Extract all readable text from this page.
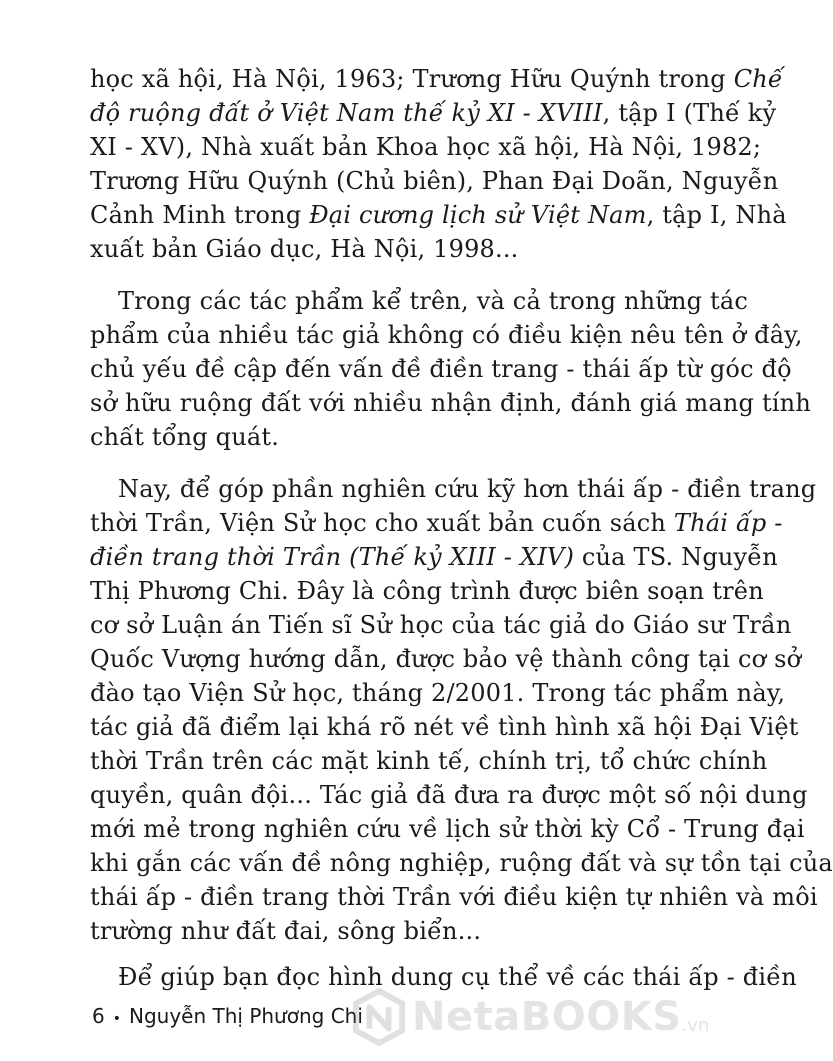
học xã hội, Hà Nội, 1963; Trương Hữu Quýnh trong Chế
độ ruộng đất ở Việt Nam thế kỷ XI - XVIII, tập I (Thế kỷ
XI - XV), Nhà xuất bản Khoa học xã hội, Hà Nội, 1982;
Trương Hữu Quýnh (Chủ biên), Phan Đại Doãn, Nguyễn
Cảnh Minh trong Đại cương lịch sử Việt Nam, tập I, Nhà
xuất bản Giáo dục, Hà Nội, 1998...
Trong các tác phẩm kể trên, và cả trong những tác
phẩm của nhiều tác giả không có điều kiện nêu tên ở đây,
chủ yếu đề cập đến vấn đề điền trang - thái ấp từ góc độ
sở hữu ruộng đất với nhiều nhận định, đánh giá mang tính
chất tổng quát.
Nay, để góp phần nghiên cứu kỹ hơn thái ấp - điền trang
thời Trần, Viện Sử học cho xuất bản cuốn sách Thái ấp -
điền trang thời Trần (Thế kỷ XIII - XIV) của TS. Nguyễn
Thị Phương Chi. Đây là công trình được biên soạn trên
cơ sở Luận án Tiến sĩ Sử học của tác giả do Giáo sư Trần
Quốc Vượng hướng dẫn, được bảo vệ thành công tại cơ sở
đào tạo Viện Sử học, tháng 2/2001. Trong tác phẩm này,
tác giả đã điểm lại khá rõ nét về tình hình xã hội Đại Việt
thời Trần trên các mặt kinh tế, chính trị, tổ chức chính
quyền, quân đội... Tác giả đã đưa ra được một số nội dung
mới mẻ trong nghiên cứu về lịch sử thời kỳ Cổ - Trung đại
khi gắn các vấn đề nông nghiệp, ruộng đất và sự tồn tại của
thái ấp - điền trang thời Trần với điều kiện tự nhiên và môi
trường như đất đai, sông biển...
Để giúp bạn đọc hình dung cụ thể về các thái ấp - điền
6 • Nguyễn Thị Phương Chi NetaBOOKS .vn
